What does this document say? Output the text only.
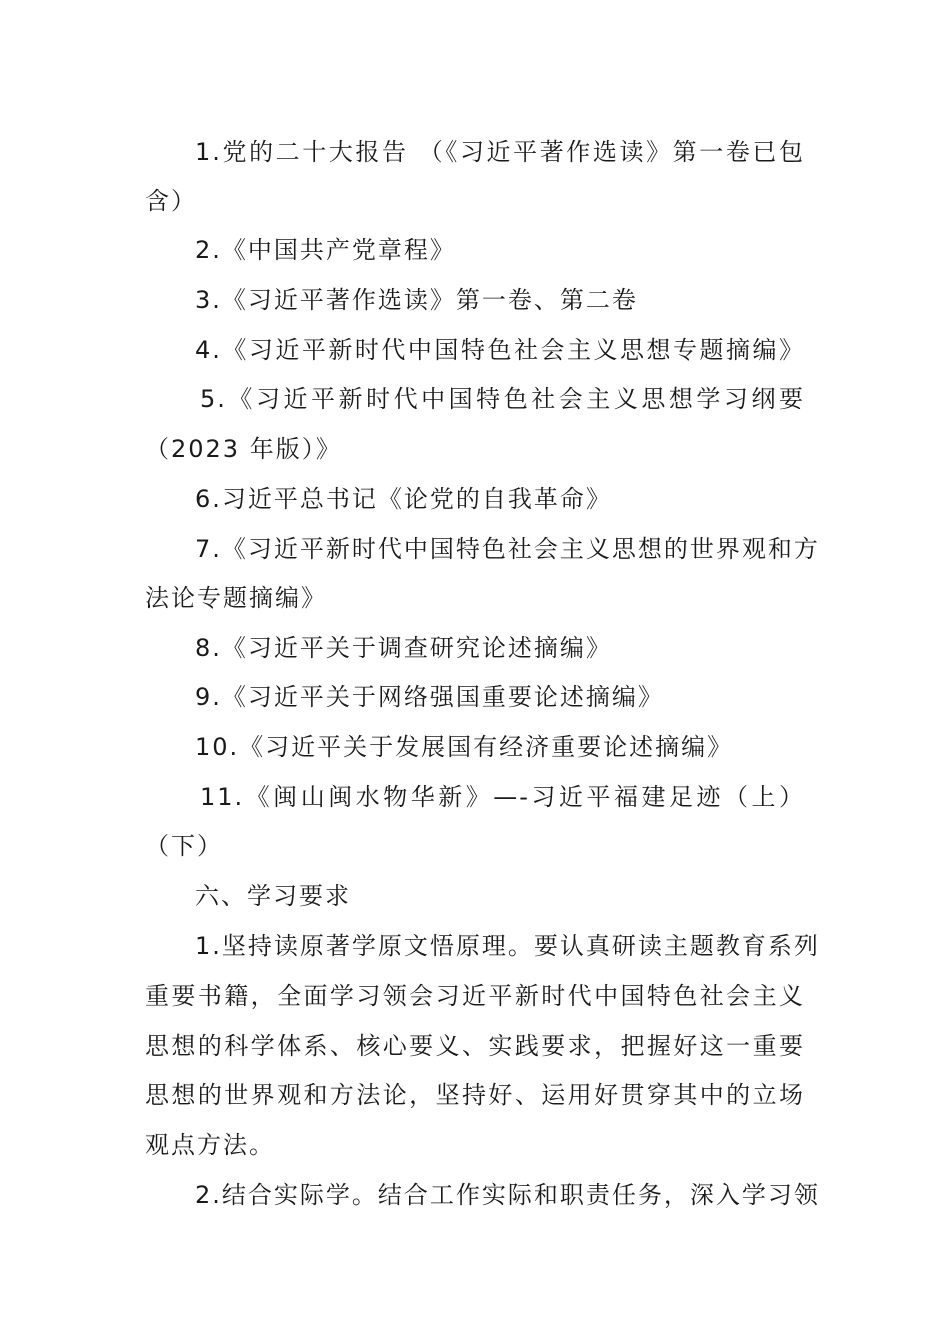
1.党的二十大报告 （《习近平著作选读》第一卷已包
含）
2.《中国共产党章程》
3.《习近平著作选读》第一卷、第二卷
4.《习近平新时代中国特色社会主义思想专题摘编》
5.《习近平新时代中国特色社会主义思想学习纲要
（2023 年版）》
6.习近平总书记《论党的自我革命》
7.《习近平新时代中国特色社会主义思想的世界观和方
法论专题摘编》
8.《习近平关于调查研究论述摘编》
9.《习近平关于网络强国重要论述摘编》
10.《习近平关于发展国有经济重要论述摘编》
11.《闽山闽水物华新》—-习近平福建足迹（上）
（下）
六、学习要求
1.坚持读原著学原文悟原理。要认真研读主题教育系列
重要书籍，全面学习领会习近平新时代中国特色社会主义
思想的科学体系、核心要义、实践要求，把握好这一重要
思想的世界观和方法论，坚持好、运用好贯穿其中的立场
观点方法。
2.结合实际学。结合工作实际和职责任务，深入学习领
